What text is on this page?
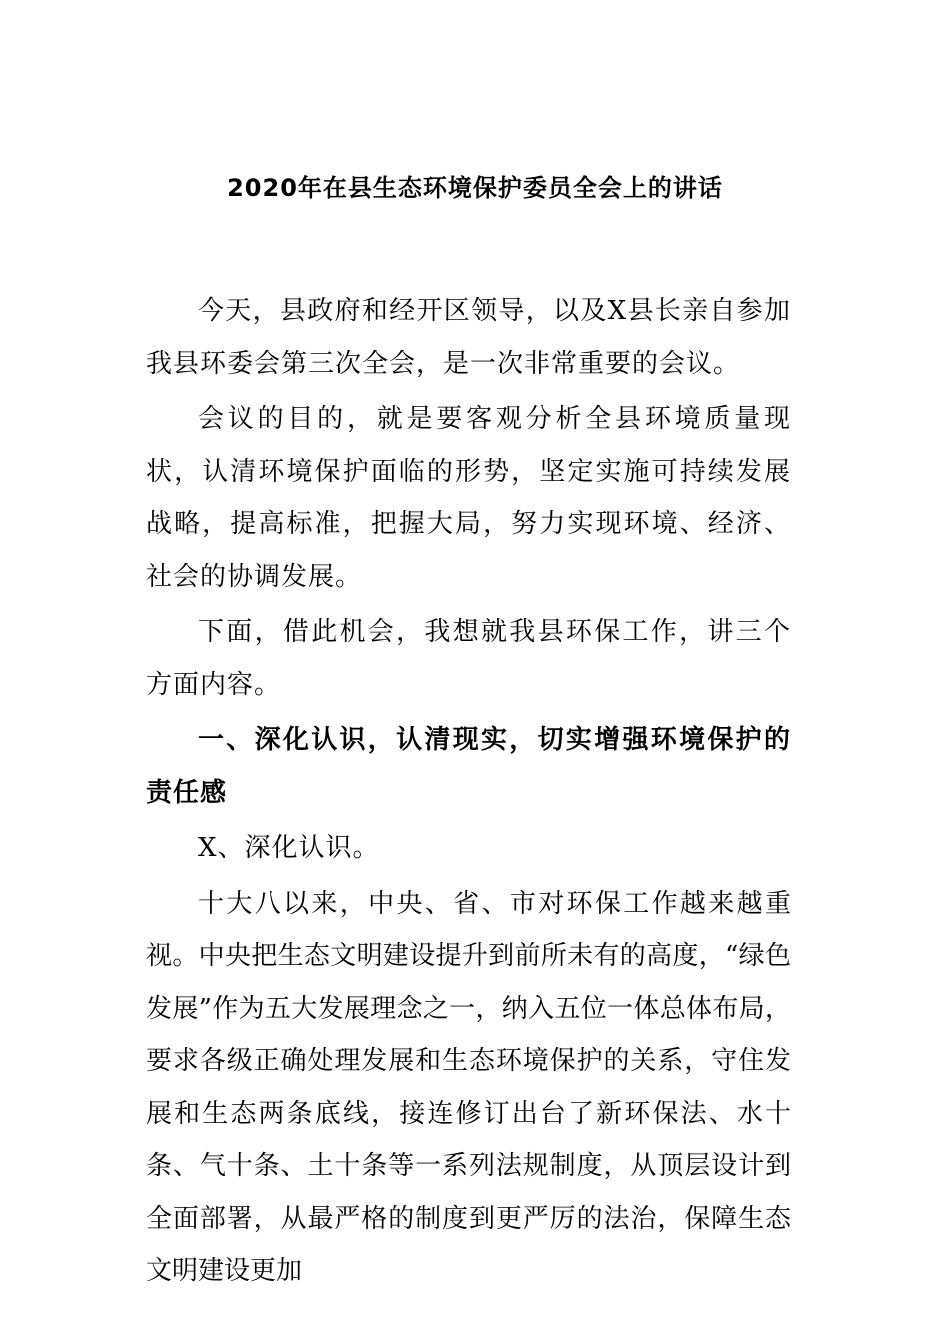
2020年在县生态环境保护委员全会上的讲话

今天，县政府和经开区领导，以及X县长亲自参加我县环委会第三次全会，是一次非常重要的会议。

会议的目的，就是要客观分析全县环境质量现状，认清环境保护面临的形势，坚定实施可持续发展战略，提高标准，把握大局，努力实现环境、经济、社会的协调发展。

下面，借此机会，我想就我县环保工作，讲三个方面内容。

一、深化认识，认清现实，切实增强环境保护的责任感

X、深化认识。

十大八以来，中央、省、市对环保工作越来越重视。中央把生态文明建设提升到前所未有的高度，“绿色发展”作为五大发展理念之一，纳入五位一体总体布局，要求各级正确处理发展和生态环境保护的关系，守住发展和生态两条底线，接连修订出台了新环保法、水十条、气十条、土十条等一系列法规制度，从顶层设计到全面部署，从最严格的制度到更严厉的法治，保障生态文明建设更加
